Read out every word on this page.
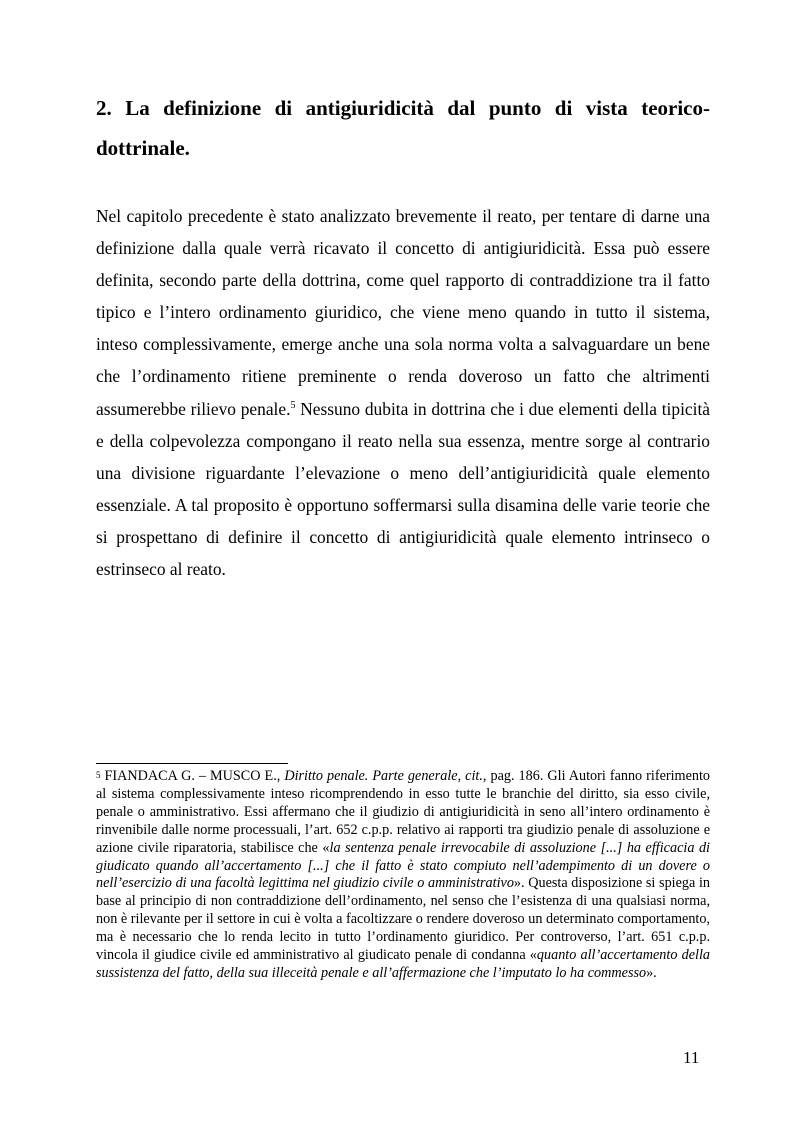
2. La definizione di antigiuridicità dal punto di vista teorico-dottrinale.

Nel capitolo precedente è stato analizzato brevemente il reato, per tentare di darne una definizione dalla quale verrà ricavato il concetto di antigiuridicità. Essa può essere definita, secondo parte della dottrina, come quel rapporto di contraddizione tra il fatto tipico e l’intero ordinamento giuridico, che viene meno quando in tutto il sistema, inteso complessivamente, emerge anche una sola norma volta a salvaguardare un bene che l’ordinamento ritiene preminente o renda doveroso un fatto che altrimenti assumerebbe rilievo penale.$^5$ Nessuno dubita in dottrina che i due elementi della tipicità e della colpevolezza compongano il reato nella sua essenza, mentre sorge al contrario una divisione riguardante l’elevazione o meno dell’antigiuridicità quale elemento essenziale. A tal proposito è opportuno soffermarsi sulla disamina delle varie teorie che si prospettano di definire il concetto di antigiuridicità quale elemento intrinseco o estrinseco al reato.

$^5$ FIANDACA G. – MUSCO E., Diritto penale. Parte generale, cit., pag. 186. Gli Autori fanno riferimento al sistema complessivamente inteso ricomprendendo in esso tutte le branchie del diritto, sia esso civile, penale o amministrativo. Essi affermano che il giudizio di antigiuridicità in seno all’intero ordinamento è rinvenibile dalle norme processuali, l’art. 652 c.p.p. relativo ai rapporti tra giudizio penale di assoluzione e azione civile riparatoria, stabilisce che «la sentenza penale irrevocabile di assoluzione [...] ha efficacia di giudicato quando all’accertamento [...] che il fatto è stato compiuto nell’adempimento di un dovere o nell’esercizio di una facoltà legittima nel giudizio civile o amministrativo». Questa disposizione si spiega in base al principio di non contraddizione dell’ordinamento, nel senso che l’esistenza di una qualsiasi norma, non è rilevante per il settore in cui è volta a facoltizzare o rendere doveroso un determinato comportamento, ma è necessario che lo renda lecito in tutto l’ordinamento giuridico. Per controverso, l’art. 651 c.p.p. vincola il giudice civile ed amministrativo al giudicato penale di condanna «quanto all’accertamento della sussistenza del fatto, della sua illeceità penale e all’affermazione che l’imputato lo ha commesso».

11
